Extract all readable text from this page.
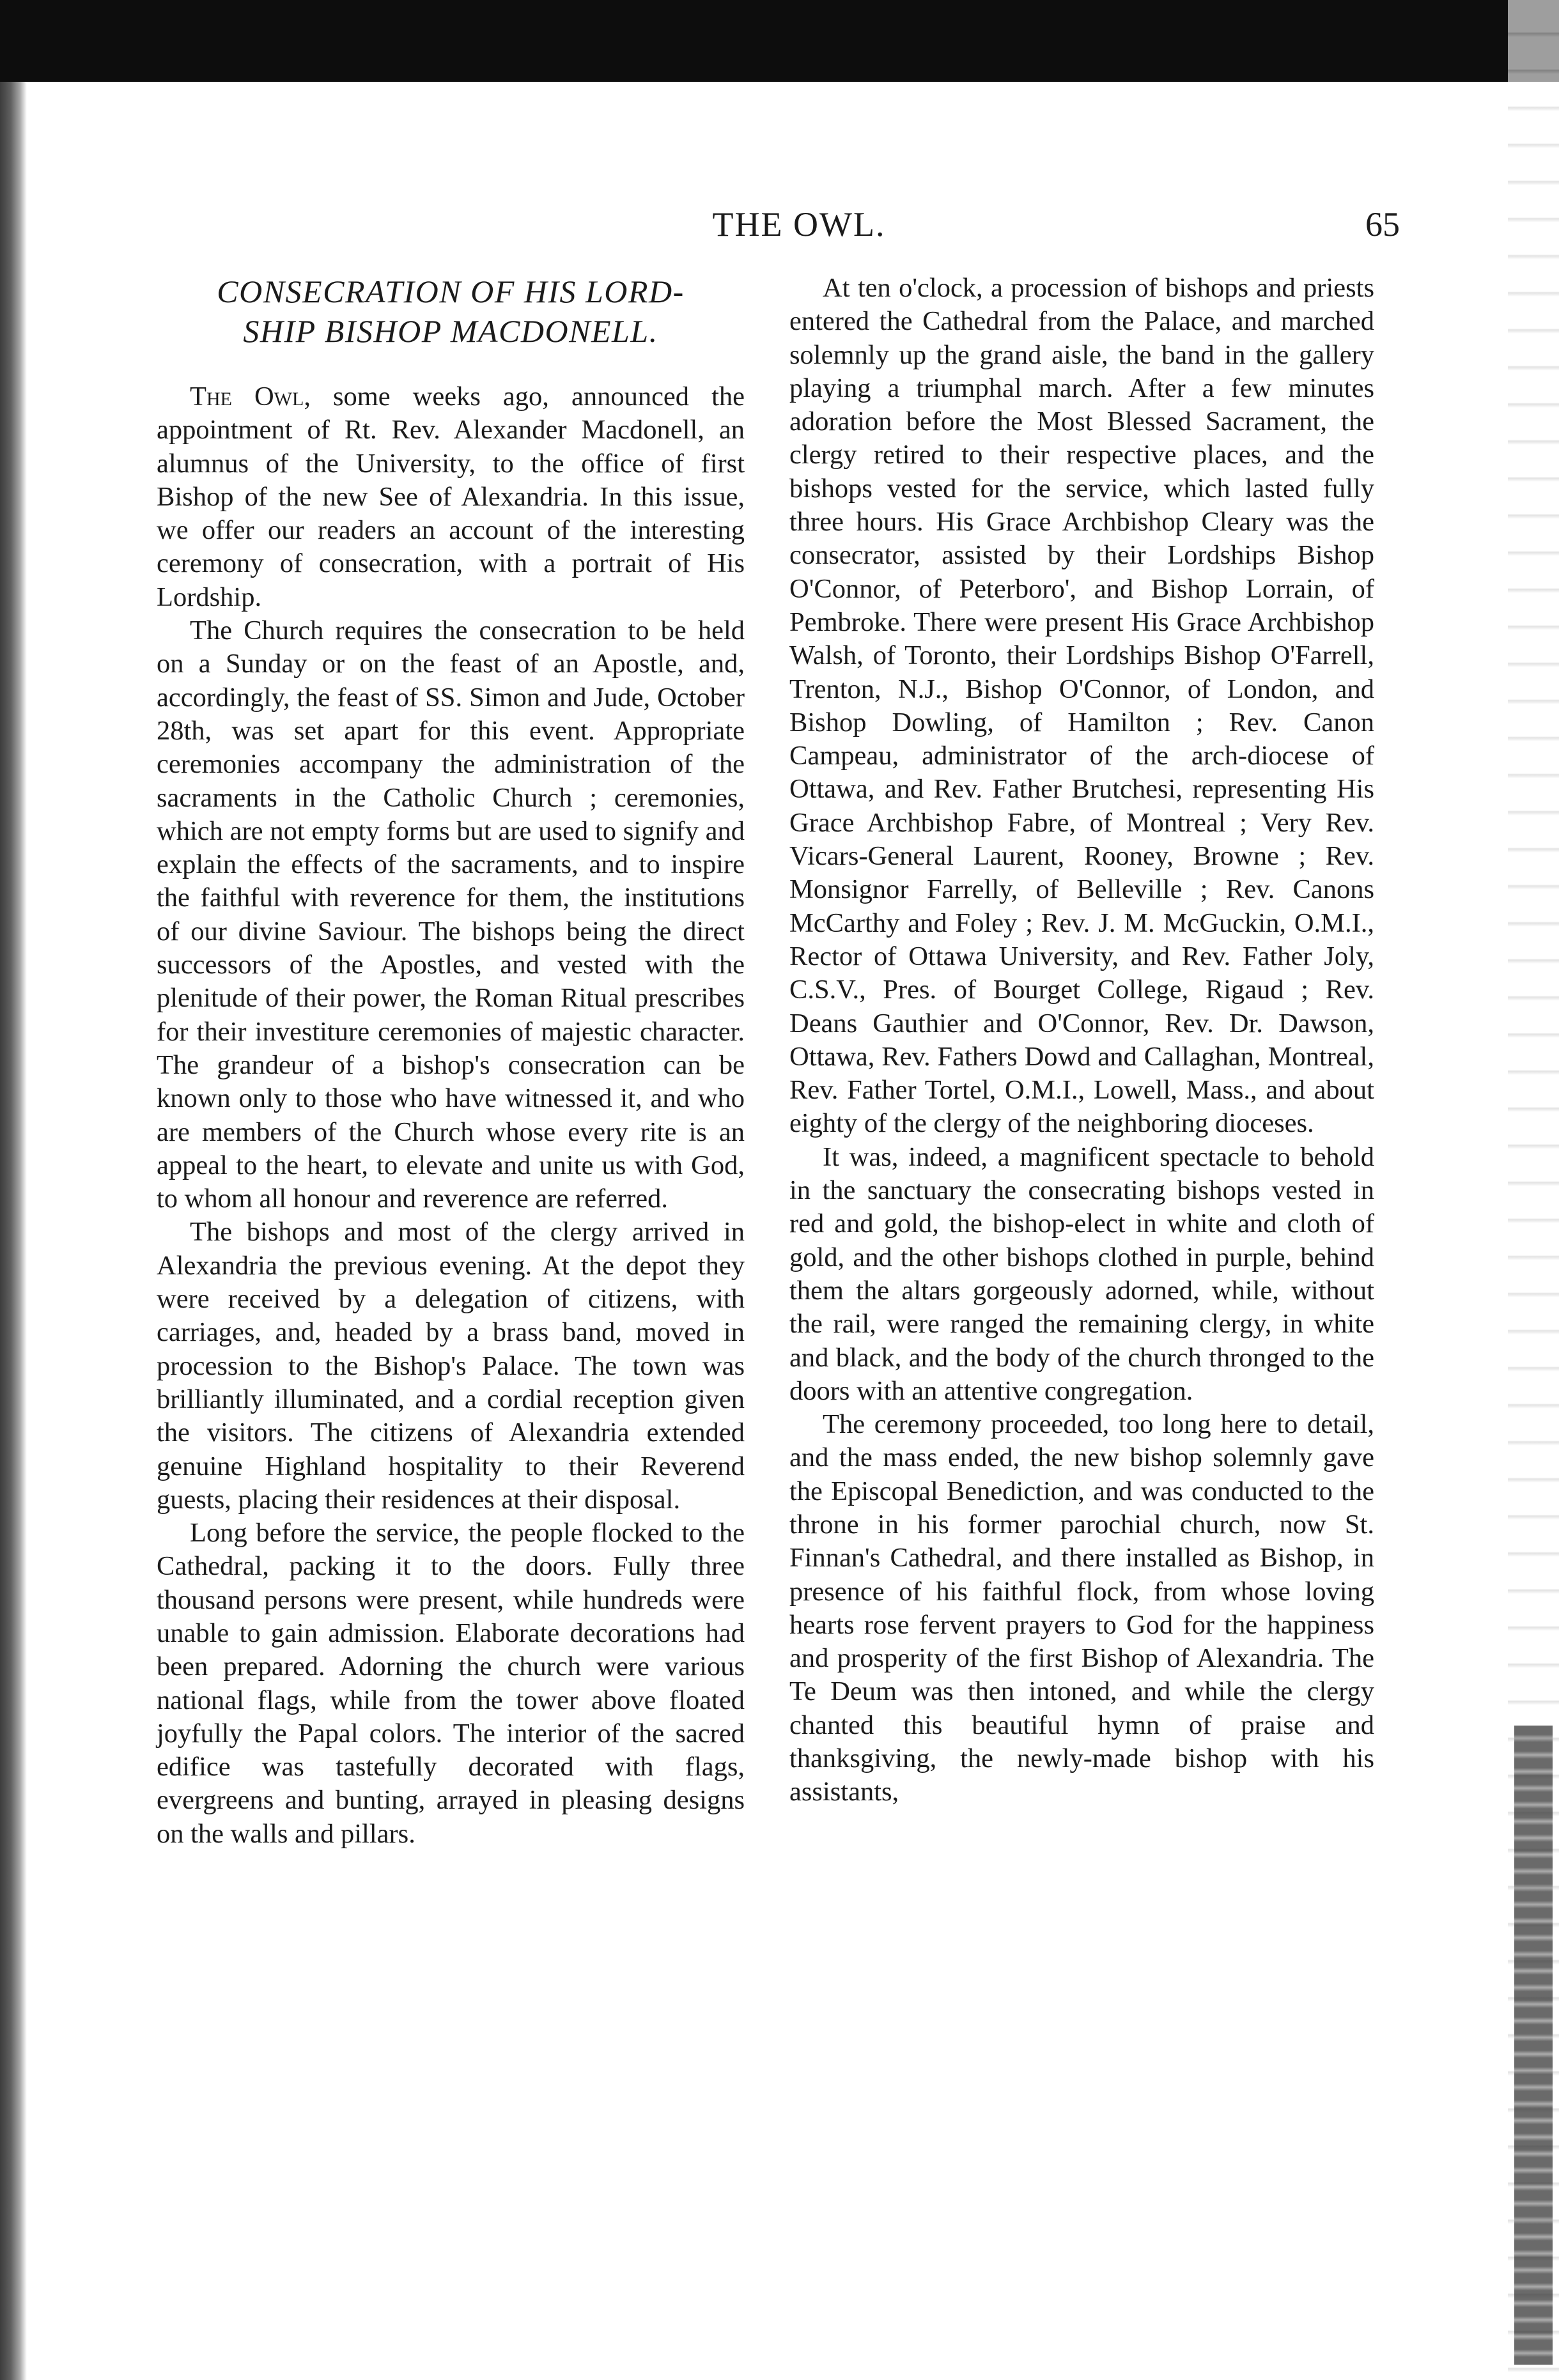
THE OWL.	65
CONSECRATION OF HIS LORD-
SHIP BISHOP MACDONELL.

The Owl, some weeks ago, announced the appointment of Rt. Rev. Alexander Macdonell, an alumnus of the University, to the office of first Bishop of the new See of Alexandria. In this issue, we offer our readers an account of the interesting ceremony of consecration, with a portrait of His Lordship.

The Church requires the consecration to be held on a Sunday or on the feast of an Apostle, and, accordingly, the feast of SS. Simon and Jude, October 28th, was set apart for this event. Appropriate ceremonies accompany the administration of the sacraments in the Catholic Church ; ceremonies, which are not empty forms but are used to signify and explain the effects of the sacraments, and to inspire the faithful with reverence for them, the institutions of our divine Saviour. The bishops being the direct successors of the Apostles, and vested with the plenitude of their power, the Roman Ritual prescribes for their investiture ceremonies of majestic character. The grandeur of a bishop's consecration can be known only to those who have witnessed it, and who are members of the Church whose every rite is an appeal to the heart, to elevate and unite us with God, to whom all honour and reverence are referred.

The bishops and most of the clergy arrived in Alexandria the previous evening. At the depot they were received by a delegation of citizens, with carriages, and, headed by a brass band, moved in procession to the Bishop's Palace. The town was brilliantly illuminated, and a cordial reception given the visitors. The citizens of Alexandria extended genuine Highland hospitality to their Reverend guests, placing their residences at their disposal.

Long before the service, the people flocked to the Cathedral, packing it to the doors. Fully three thousand persons were present, while hundreds were unable to gain admission. Elaborate decorations had been prepared. Adorning the church were various national flags, while from the tower above floated joyfully the Papal colors. The interior of the sacred edifice was tastefully decorated with flags, evergreens and bunting, arrayed in pleasing designs on the walls and pillars.

At ten o'clock, a procession of bishops and priests entered the Cathedral from the Palace, and marched solemnly up the grand aisle, the band in the gallery playing a triumphal march. After a few minutes adoration before the Most Blessed Sacrament, the clergy retired to their respective places, and the bishops vested for the service, which lasted fully three hours. His Grace Archbishop Cleary was the consecrator, assisted by their Lordships Bishop O'Connor, of Peterboro', and Bishop Lorrain, of Pembroke. There were present His Grace Archbishop Walsh, of Toronto, their Lordships Bishop O'Farrell, Trenton, N.J., Bishop O'Connor, of London, and Bishop Dowling, of Hamilton ; Rev. Canon Campeau, administrator of the arch-diocese of Ottawa, and Rev. Father Brutchesi, representing His Grace Archbishop Fabre, of Montreal ; Very Rev. Vicars-General Laurent, Rooney, Browne ; Rev. Monsignor Farrelly, of Belleville ; Rev. Canons McCarthy and Foley ; Rev. J. M. McGuckin, O.M.I., Rector of Ottawa University, and Rev. Father Joly, C.S.V., Pres. of Bourget College, Rigaud ; Rev. Deans Gauthier and O'Connor, Rev. Dr. Dawson, Ottawa, Rev. Fathers Dowd and Callaghan, Montreal, Rev. Father Tortel, O.M.I., Lowell, Mass., and about eighty of the clergy of the neighboring dioceses.

It was, indeed, a magnificent spectacle to behold in the sanctuary the consecrating bishops vested in red and gold, the bishop-elect in white and cloth of gold, and the other bishops clothed in purple, behind them the altars gorgeously adorned, while, without the rail, were ranged the remaining clergy, in white and black, and the body of the church thronged to the doors with an attentive congregation.

The ceremony proceeded, too long here to detail, and the mass ended, the new bishop solemnly gave the Episcopal Benediction, and was conducted to the throne in his former parochial church, now St. Finnan's Cathedral, and there installed as Bishop, in presence of his faithful flock, from whose loving hearts rose fervent prayers to God for the happiness and prosperity of the first Bishop of Alexandria. The Te Deum was then intoned, and while the clergy chanted this beautiful hymn of praise and thanksgiving, the newly-made bishop with his assistants,
